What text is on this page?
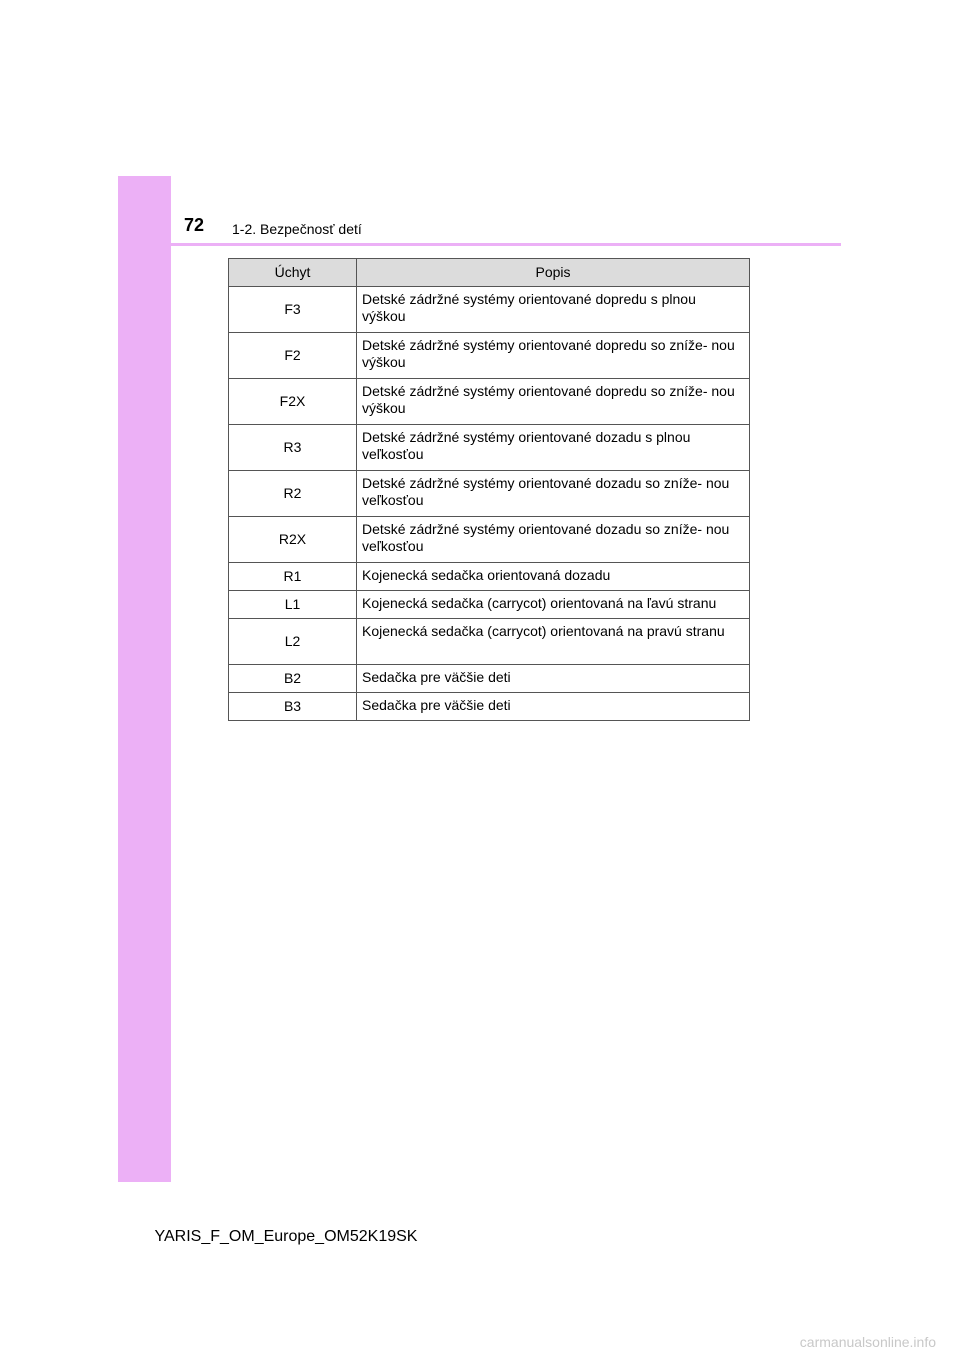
72 1-2. Bezpečnosť detí
Úchyt	Popis
F3	Detské zádržné systémy orientované dopredu s plnou výškou
F2	Detské zádržné systémy orientované dopredu so zníže- nou výškou
F2X	Detské zádržné systémy orientované dopredu so zníže- nou výškou
R3	Detské zádržné systémy orientované dozadu s plnou veľkosťou
R2	Detské zádržné systémy orientované dozadu so zníže- nou veľkosťou
R2X	Detské zádržné systémy orientované dozadu so zníže- nou veľkosťou
R1	Kojenecká sedačka orientovaná dozadu
L1	Kojenecká sedačka (carrycot) orientovaná na ľavú stranu
L2	Kojenecká sedačka (carrycot) orientovaná na pravú stranu
B2	Sedačka pre väčšie deti
B3	Sedačka pre väčšie deti
YARIS_F_OM_Europe_OM52K19SK
carmanualsonline.info
